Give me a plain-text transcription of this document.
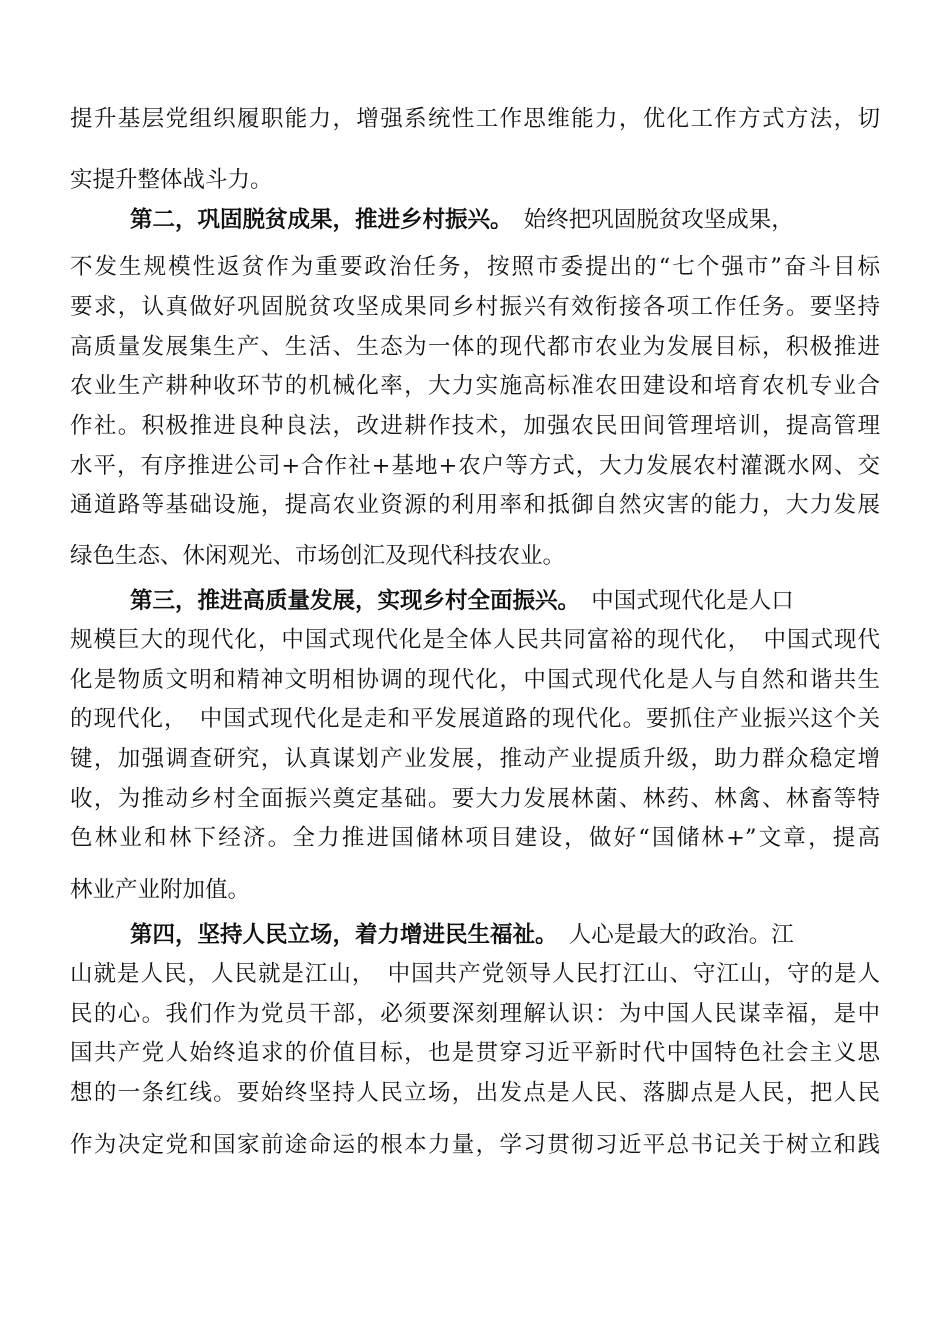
提升基层党组织履职能力，增强系统性工作思维能力，优化工作方式方法，切
实提升整体战斗力。
第二，巩固脱贫成果，推进乡村振兴。　 始终把巩固脱贫攻坚成果，
不发生规模性返贫作为重要政治任务，按照市委提出的“七个强市”奋斗目标
要求，认真做好巩固脱贫攻坚成果同乡村振兴有效衔接各项工作任务。要坚持
高质量发展集生产、生活、生态为一体的现代都市农业为发展目标，积极推进
农业生产耕种收环节的机械化率，大力实施高标准农田建设和培育农机专业合
作社。积极推进良种良法，改进耕作技术，加强农民田间管理培训，提高管理
水平，有序推进公司+合作社+基地+农户等方式，大力发展农村灌溉水网、交
通道路等基础设施，提高农业资源的利用率和抵御自然灾害的能力，大力发展
绿色生态、休闲观光、市场创汇及现代科技农业。
第三，推进高质量发展，实现乡村全面振兴。　 中国式现代化是人口
规模巨大的现代化，中国式现代化是全体人民共同富裕的现代化，　中国式现代
化是物质文明和精神文明相协调的现代化，中国式现代化是人与自然和谐共生
的现代化，　中国式现代化是走和平发展道路的现代化。要抓住产业振兴这个关
键，加强调查研究，认真谋划产业发展，推动产业提质升级，助力群众稳定增
收，为推动乡村全面振兴奠定基础。要大力发展林菌、林药、林禽、林畜等特
色林业和林下经济。全力推进国储林项目建设，做好“国储林+”文章，提高
林业产业附加值。
第四，坚持人民立场，着力增进民生福祉。　 人心是最大的政治。江
山就是人民，人民就是江山，　中国共产党领导人民打江山、守江山，守的是人
民的心。我们作为党员干部，必须要深刻理解认识：为中国人民谋幸福，是中
国共产党人始终追求的价值目标，也是贯穿习近平新时代中国特色社会主义思
想的一条红线。要始终坚持人民立场，出发点是人民、落脚点是人民，把人民
作为决定党和国家前途命运的根本力量，学习贯彻习近平总书记关于树立和践
